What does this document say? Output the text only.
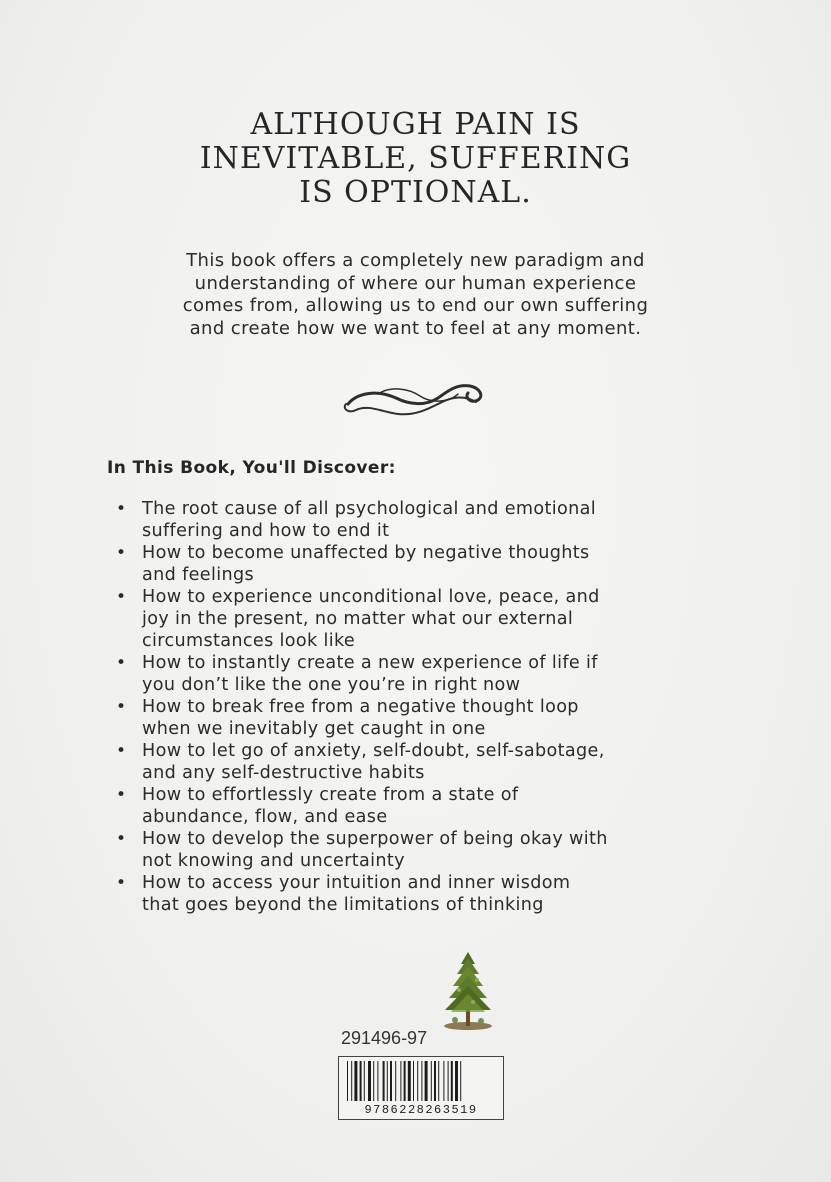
ALTHOUGH PAIN IS
INEVITABLE, SUFFERING
IS OPTIONAL.
This book offers a completely new paradigm and
understanding of where our human experience
comes from, allowing us to end our own suffering
and create how we want to feel at any moment.
In This Book, You'll Discover:
• The root cause of all psychological and emotional
suffering and how to end it
• How to become unaffected by negative thoughts
and feelings
• How to experience unconditional love, peace, and
joy in the present, no matter what our external
circumstances look like
• How to instantly create a new experience of life if
you don’t like the one you’re in right now
• How to break free from a negative thought loop
when we inevitably get caught in one
• How to let go of anxiety, self-doubt, self-sabotage,
and any self-destructive habits
• How to effortlessly create from a state of
abundance, flow, and ease
• How to develop the superpower of being okay with
not knowing and uncertainty
• How to access your intuition and inner wisdom
that goes beyond the limitations of thinking
291496-97
9786228263519
